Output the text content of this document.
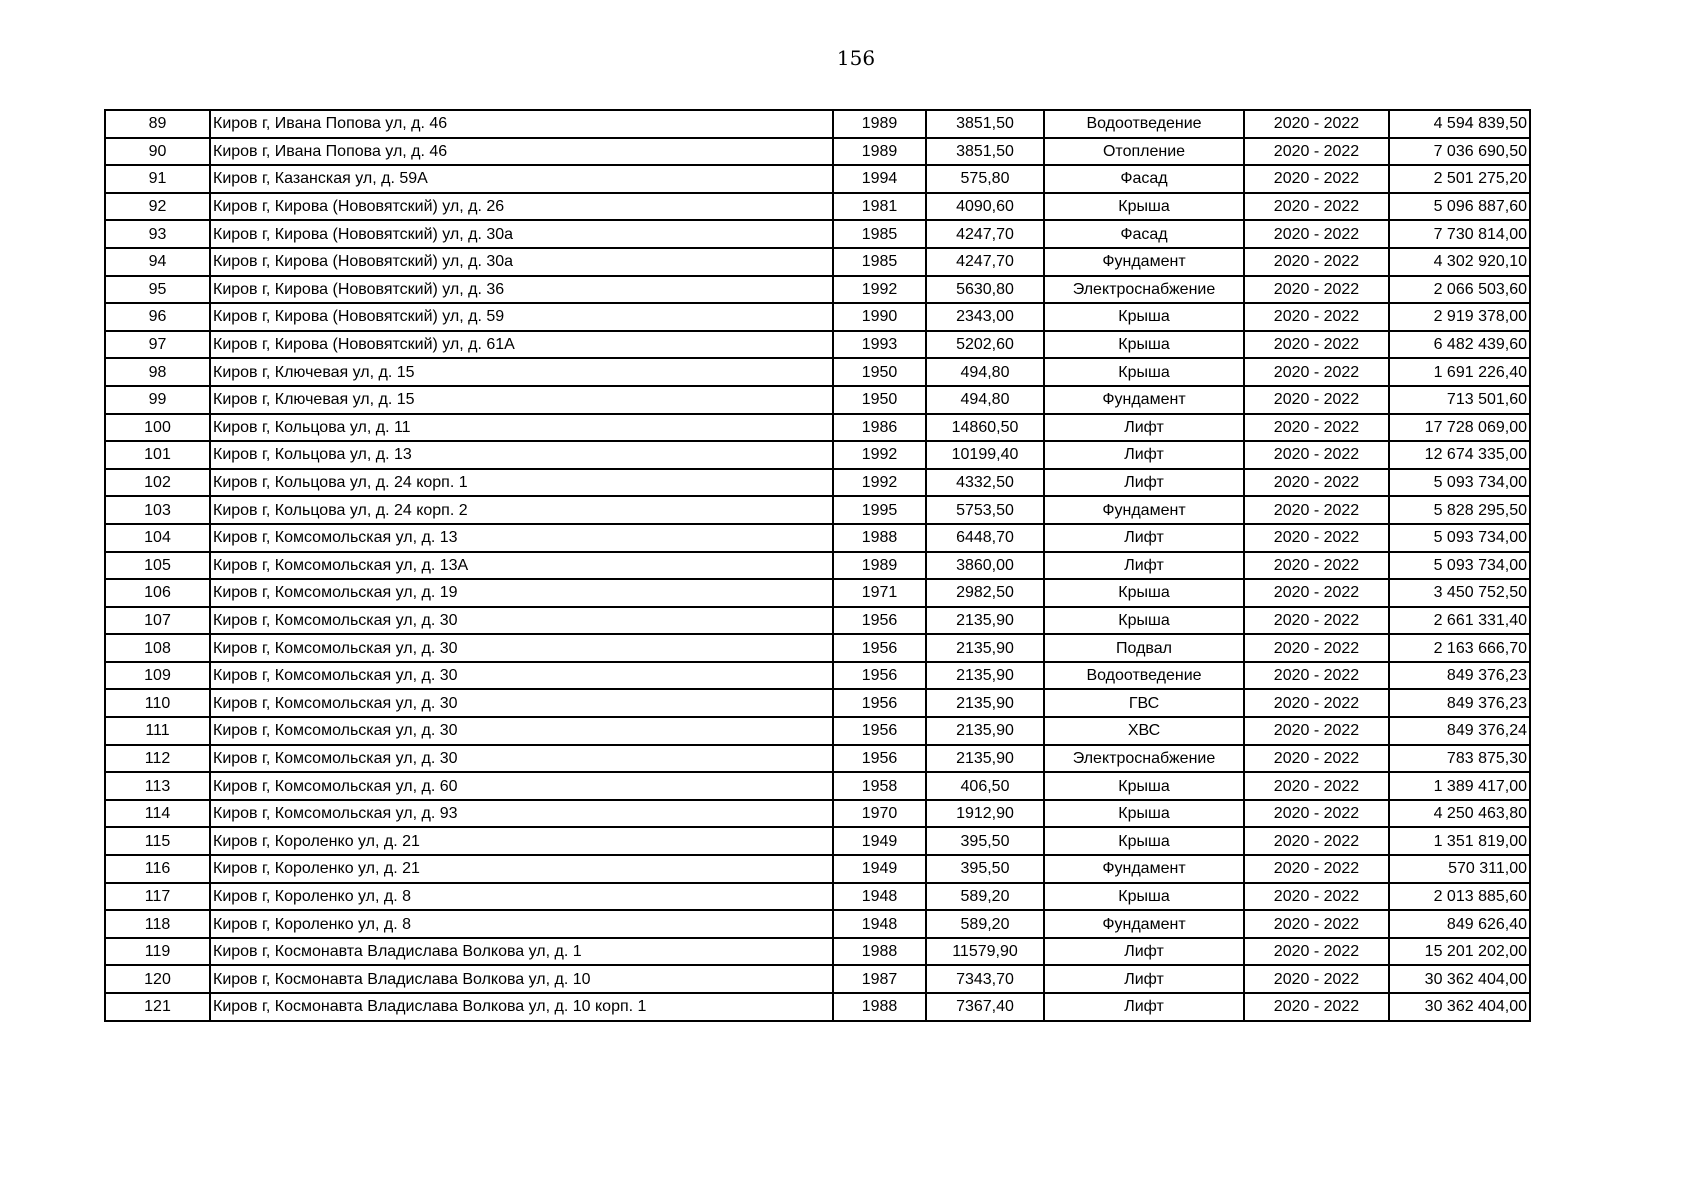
156
89	Киров г, Ивана Попова ул, д. 46	1989	3851,50	Водоотведение	2020 - 2022	4 594 839,50
90	Киров г, Ивана Попова ул, д. 46	1989	3851,50	Отопление	2020 - 2022	7 036 690,50
91	Киров г, Казанская ул, д. 59А	1994	575,80	Фасад	2020 - 2022	2 501 275,20
92	Киров г, Кирова (Нововятский) ул, д. 26	1981	4090,60	Крыша	2020 - 2022	5 096 887,60
93	Киров г, Кирова (Нововятский) ул, д. 30а	1985	4247,70	Фасад	2020 - 2022	7 730 814,00
94	Киров г, Кирова (Нововятский) ул, д. 30а	1985	4247,70	Фундамент	2020 - 2022	4 302 920,10
95	Киров г, Кирова (Нововятский) ул, д. 36	1992	5630,80	Электроснабжение	2020 - 2022	2 066 503,60
96	Киров г, Кирова (Нововятский) ул, д. 59	1990	2343,00	Крыша	2020 - 2022	2 919 378,00
97	Киров г, Кирова (Нововятский) ул, д. 61А	1993	5202,60	Крыша	2020 - 2022	6 482 439,60
98	Киров г, Ключевая ул, д. 15	1950	494,80	Крыша	2020 - 2022	1 691 226,40
99	Киров г, Ключевая ул, д. 15	1950	494,80	Фундамент	2020 - 2022	713 501,60
100	Киров г, Кольцова ул, д. 11	1986	14860,50	Лифт	2020 - 2022	17 728 069,00
101	Киров г, Кольцова ул, д. 13	1992	10199,40	Лифт	2020 - 2022	12 674 335,00
102	Киров г, Кольцова ул, д. 24 корп. 1	1992	4332,50	Лифт	2020 - 2022	5 093 734,00
103	Киров г, Кольцова ул, д. 24 корп. 2	1995	5753,50	Фундамент	2020 - 2022	5 828 295,50
104	Киров г, Комсомольская ул, д. 13	1988	6448,70	Лифт	2020 - 2022	5 093 734,00
105	Киров г, Комсомольская ул, д. 13А	1989	3860,00	Лифт	2020 - 2022	5 093 734,00
106	Киров г, Комсомольская ул, д. 19	1971	2982,50	Крыша	2020 - 2022	3 450 752,50
107	Киров г, Комсомольская ул, д. 30	1956	2135,90	Крыша	2020 - 2022	2 661 331,40
108	Киров г, Комсомольская ул, д. 30	1956	2135,90	Подвал	2020 - 2022	2 163 666,70
109	Киров г, Комсомольская ул, д. 30	1956	2135,90	Водоотведение	2020 - 2022	849 376,23
110	Киров г, Комсомольская ул, д. 30	1956	2135,90	ГВС	2020 - 2022	849 376,23
111	Киров г, Комсомольская ул, д. 30	1956	2135,90	ХВС	2020 - 2022	849 376,24
112	Киров г, Комсомольская ул, д. 30	1956	2135,90	Электроснабжение	2020 - 2022	783 875,30
113	Киров г, Комсомольская ул, д. 60	1958	406,50	Крыша	2020 - 2022	1 389 417,00
114	Киров г, Комсомольская ул, д. 93	1970	1912,90	Крыша	2020 - 2022	4 250 463,80
115	Киров г, Короленко ул, д. 21	1949	395,50	Крыша	2020 - 2022	1 351 819,00
116	Киров г, Короленко ул, д. 21	1949	395,50	Фундамент	2020 - 2022	570 311,00
117	Киров г, Короленко ул, д. 8	1948	589,20	Крыша	2020 - 2022	2 013 885,60
118	Киров г, Короленко ул, д. 8	1948	589,20	Фундамент	2020 - 2022	849 626,40
119	Киров г, Космонавта Владислава Волкова ул, д. 1	1988	11579,90	Лифт	2020 - 2022	15 201 202,00
120	Киров г, Космонавта Владислава Волкова ул, д. 10	1987	7343,70	Лифт	2020 - 2022	30 362 404,00
121	Киров г, Космонавта Владислава Волкова ул, д. 10 корп. 1	1988	7367,40	Лифт	2020 - 2022	30 362 404,00
